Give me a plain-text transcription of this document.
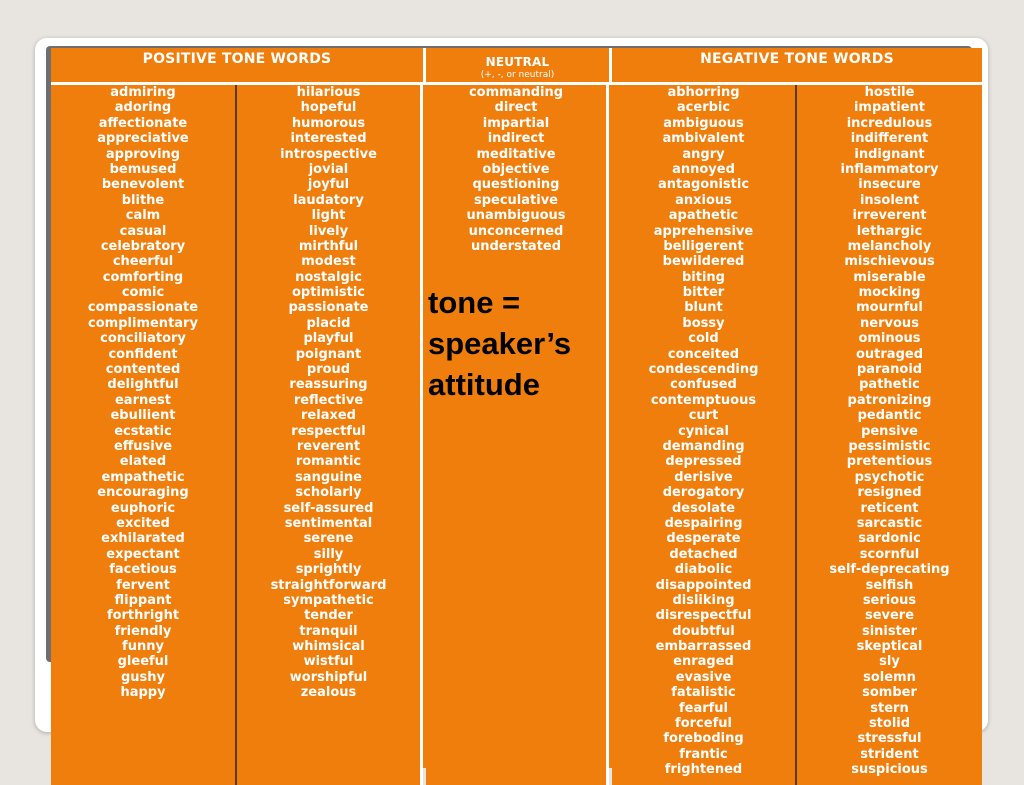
POSITIVE TONE WORDS	NEUTRAL
(+, -, or neutral)
NEGATIVE TONE WORDS
admiring
adoring
affectionate
appreciative
approving
bemused
benevolent
blithe
calm
casual
celebratory
cheerful
comforting
comic
compassionate
complimentary
conciliatory
confident
contented
delightful
earnest
ebullient
ecstatic
effusive
elated
empathetic
encouraging
euphoric
excited
exhilarated
expectant
facetious
fervent
flippant
forthright
friendly
funny
gleeful
gushy
happy
hilarious
hopeful
humorous
interested
introspective
jovial
joyful
laudatory
light
lively
mirthful
modest
nostalgic
optimistic
passionate
placid
playful
poignant
proud
reassuring
reflective
relaxed
respectful
reverent
romantic
sanguine
scholarly
self-assured
sentimental
serene
silly
sprightly
straightforward
sympathetic
tender
tranquil
whimsical
wistful
worshipful
zealous
commanding
direct
impartial
indirect
meditative
objective
questioning
speculative
unambiguous
unconcerned
understated
abhorring
acerbic
ambiguous
ambivalent
angry
annoyed
antagonistic
anxious
apathetic
apprehensive
belligerent
bewildered
biting
bitter
blunt
bossy
cold
conceited
condescending
confused
contemptuous
curt
cynical
demanding
depressed
derisive
derogatory
desolate
despairing
desperate
detached
diabolic
disappointed
disliking
disrespectful
doubtful
embarrassed
enraged
evasive
fatalistic
fearful
forceful
foreboding
frantic
frightened
hostile
impatient
incredulous
indifferent
indignant
inflammatory
insecure
insolent
irreverent
lethargic
melancholy
mischievous
miserable
mocking
mournful
nervous
ominous
outraged
paranoid
pathetic
patronizing
pedantic
pensive
pessimistic
pretentious
psychotic
resigned
reticent
sarcastic
sardonic
scornful
self-deprecating
selfish
serious
severe
sinister
skeptical
sly
solemn
somber
stern
stolid
stressful
strident
suspicious
tone =
speaker’s
attitude
